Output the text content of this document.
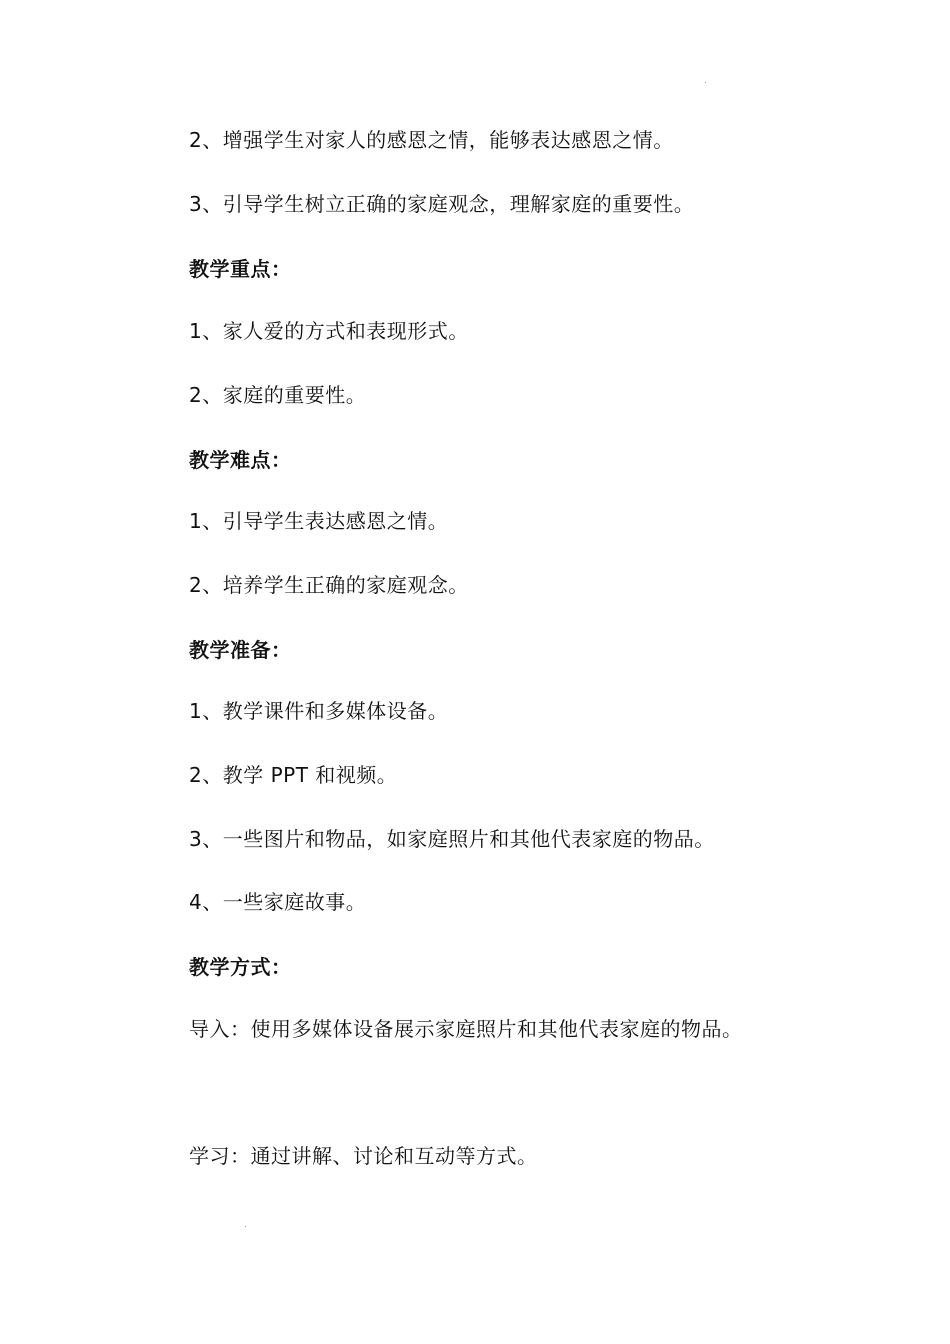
2、增强学生对家人的感恩之情，能够表达感恩之情。
3、引导学生树立正确的家庭观念，理解家庭的重要性。
教学重点：
1、家人爱的方式和表现形式。
2、家庭的重要性。
教学难点：
1、引导学生表达感恩之情。
2、培养学生正确的家庭观念。
教学准备：
1、教学课件和多媒体设备。
2、教学 PPT 和视频。
3、一些图片和物品，如家庭照片和其他代表家庭的物品。
4、一些家庭故事。
教学方式：
导入：使用多媒体设备展示家庭照片和其他代表家庭的物品。
学习：通过讲解、讨论和互动等方式。
